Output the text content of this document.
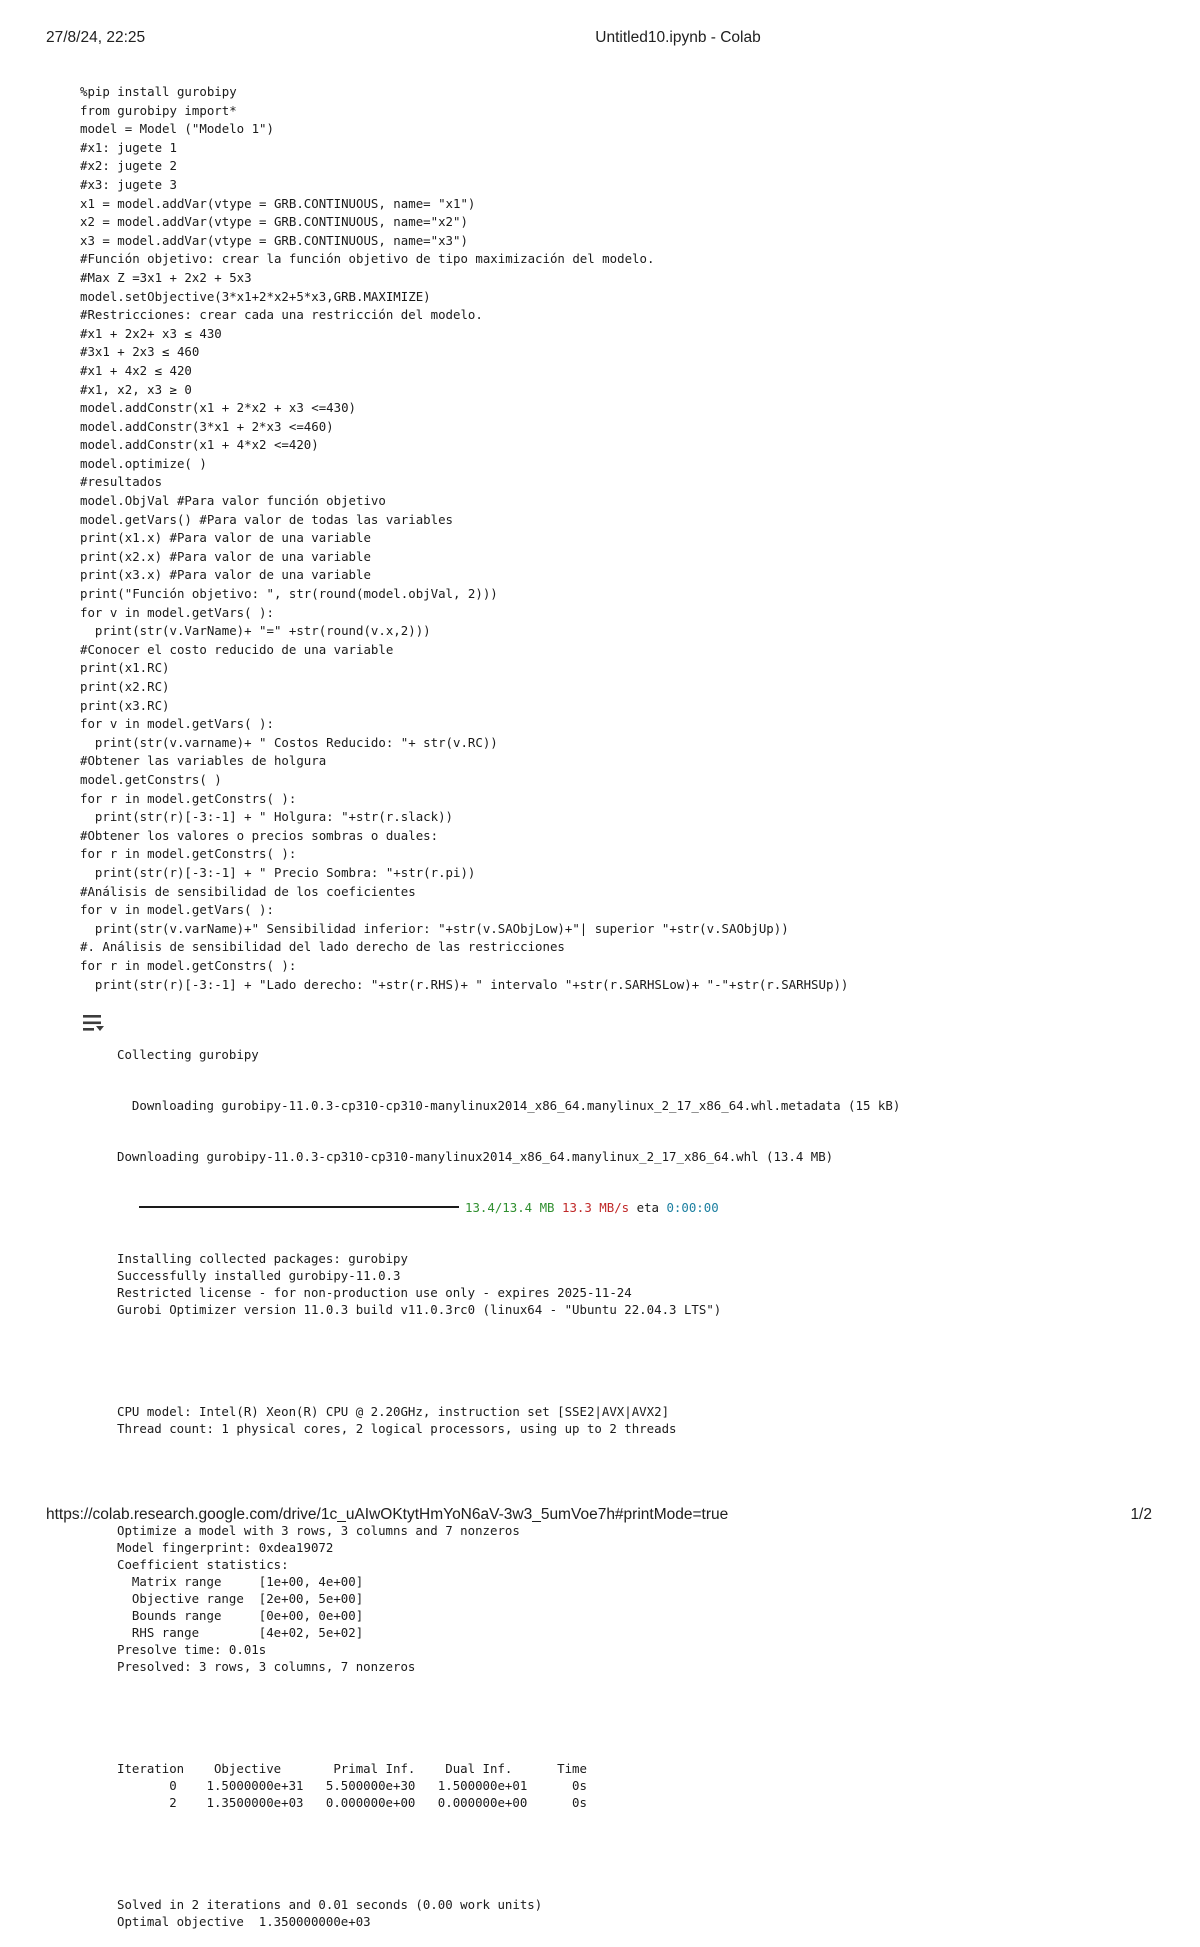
27/8/24, 22:25	Untitled10.ipynb - Colab
%pip install gurobipy
from gurobipy import*
model = Model ("Modelo 1")
#x1: jugete 1
#x2: jugete 2
#x3: jugete 3
x1 = model.addVar(vtype = GRB.CONTINUOUS, name= "x1")
x2 = model.addVar(vtype = GRB.CONTINUOUS, name="x2")
x3 = model.addVar(vtype = GRB.CONTINUOUS, name="x3")
#Función objetivo: crear la función objetivo de tipo maximización del modelo.
#Max Z =3x1 + 2x2 + 5x3
model.setObjective(3*x1+2*x2+5*x3,GRB.MAXIMIZE)
#Restricciones: crear cada una restricción del modelo.
#x1 + 2x2+ x3 ≤ 430
#3x1 + 2x3 ≤ 460
#x1 + 4x2 ≤ 420
#x1, x2, x3 ≥ 0
model.addConstr(x1 + 2*x2 + x3 <=430)
model.addConstr(3*x1 + 2*x3 <=460)
model.addConstr(x1 + 4*x2 <=420)
model.optimize( )
#resultados
model.ObjVal #Para valor función objetivo
model.getVars() #Para valor de todas las variables
print(x1.x) #Para valor de una variable
print(x2.x) #Para valor de una variable
print(x3.x) #Para valor de una variable
print("Función objetivo: ", str(round(model.objVal, 2)))
for v in model.getVars( ):
print(str(v.VarName)+ "=" +str(round(v.x,2)))
#Conocer el costo reducido de una variable
print(x1.RC)
print(x2.RC)
print(x3.RC)
for v in model.getVars( ):
print(str(v.varname)+ " Costos Reducido: "+ str(v.RC))
#Obtener las variables de holgura
model.getConstrs( )
for r in model.getConstrs( ):
print(str(r)[-3:-1] + " Holgura: "+str(r.slack))
#Obtener los valores o precios sombras o duales:
for r in model.getConstrs( ):
print(str(r)[-3:-1] + " Precio Sombra: "+str(r.pi))
#Análisis de sensibilidad de los coeficientes
for v in model.getVars( ):
print(str(v.varName)+" Sensibilidad inferior: "+str(v.SAObjLow)+"| superior "+str(v.SAObjUp))
#. Análisis de sensibilidad del lado derecho de las restricciones
for r in model.getConstrs( ):
print(str(r)[-3:-1] + "Lado derecho: "+str(r.RHS)+ " intervalo "+str(r.SARHSLow)+ "-"+str(r.SARHSUp))

Collecting gurobipy

Downloading gurobipy-11.0.3-cp310-cp310-manylinux2014_x86_64.manylinux_2_17_x86_64.whl.metadata (15 kB)

Downloading gurobipy-11.0.3-cp310-cp310-manylinux2014_x86_64.manylinux_2_17_x86_64.whl (13.4 MB)

13.4/13.4 MB 13.3 MB/s eta 0:00:00

Installing collected packages: gurobipy
Successfully installed gurobipy-11.0.3
Restricted license - for non-production use only - expires 2025-11-24
Gurobi Optimizer version 11.0.3 build v11.0.3rc0 (linux64 - "Ubuntu 22.04.3 LTS")

CPU model: Intel(R) Xeon(R) CPU @ 2.20GHz, instruction set [SSE2|AVX|AVX2]
Thread count: 1 physical cores, 2 logical processors, using up to 2 threads

Optimize a model with 3 rows, 3 columns and 7 nonzeros
Model fingerprint: 0xdea19072
Coefficient statistics:
Matrix range     [1e+00, 4e+00]
Objective range  [2e+00, 5e+00]
Bounds range     [0e+00, 0e+00]
RHS range        [4e+02, 5e+02]
Presolve time: 0.01s
Presolved: 3 rows, 3 columns, 7 nonzeros

Iteration    Objective       Primal Inf.    Dual Inf.      Time
0    1.5000000e+31   5.500000e+30   1.500000e+01      0s
2    1.3500000e+03   0.000000e+00   0.000000e+00      0s

Solved in 2 iterations and 0.01 seconds (0.00 work units)
Optimal objective  1.350000000e+03

https://colab.research.google.com/drive/1c_uAIwOKtytHmYoN6aV-3w3_5umVoe7h#printMode=true	1/2
